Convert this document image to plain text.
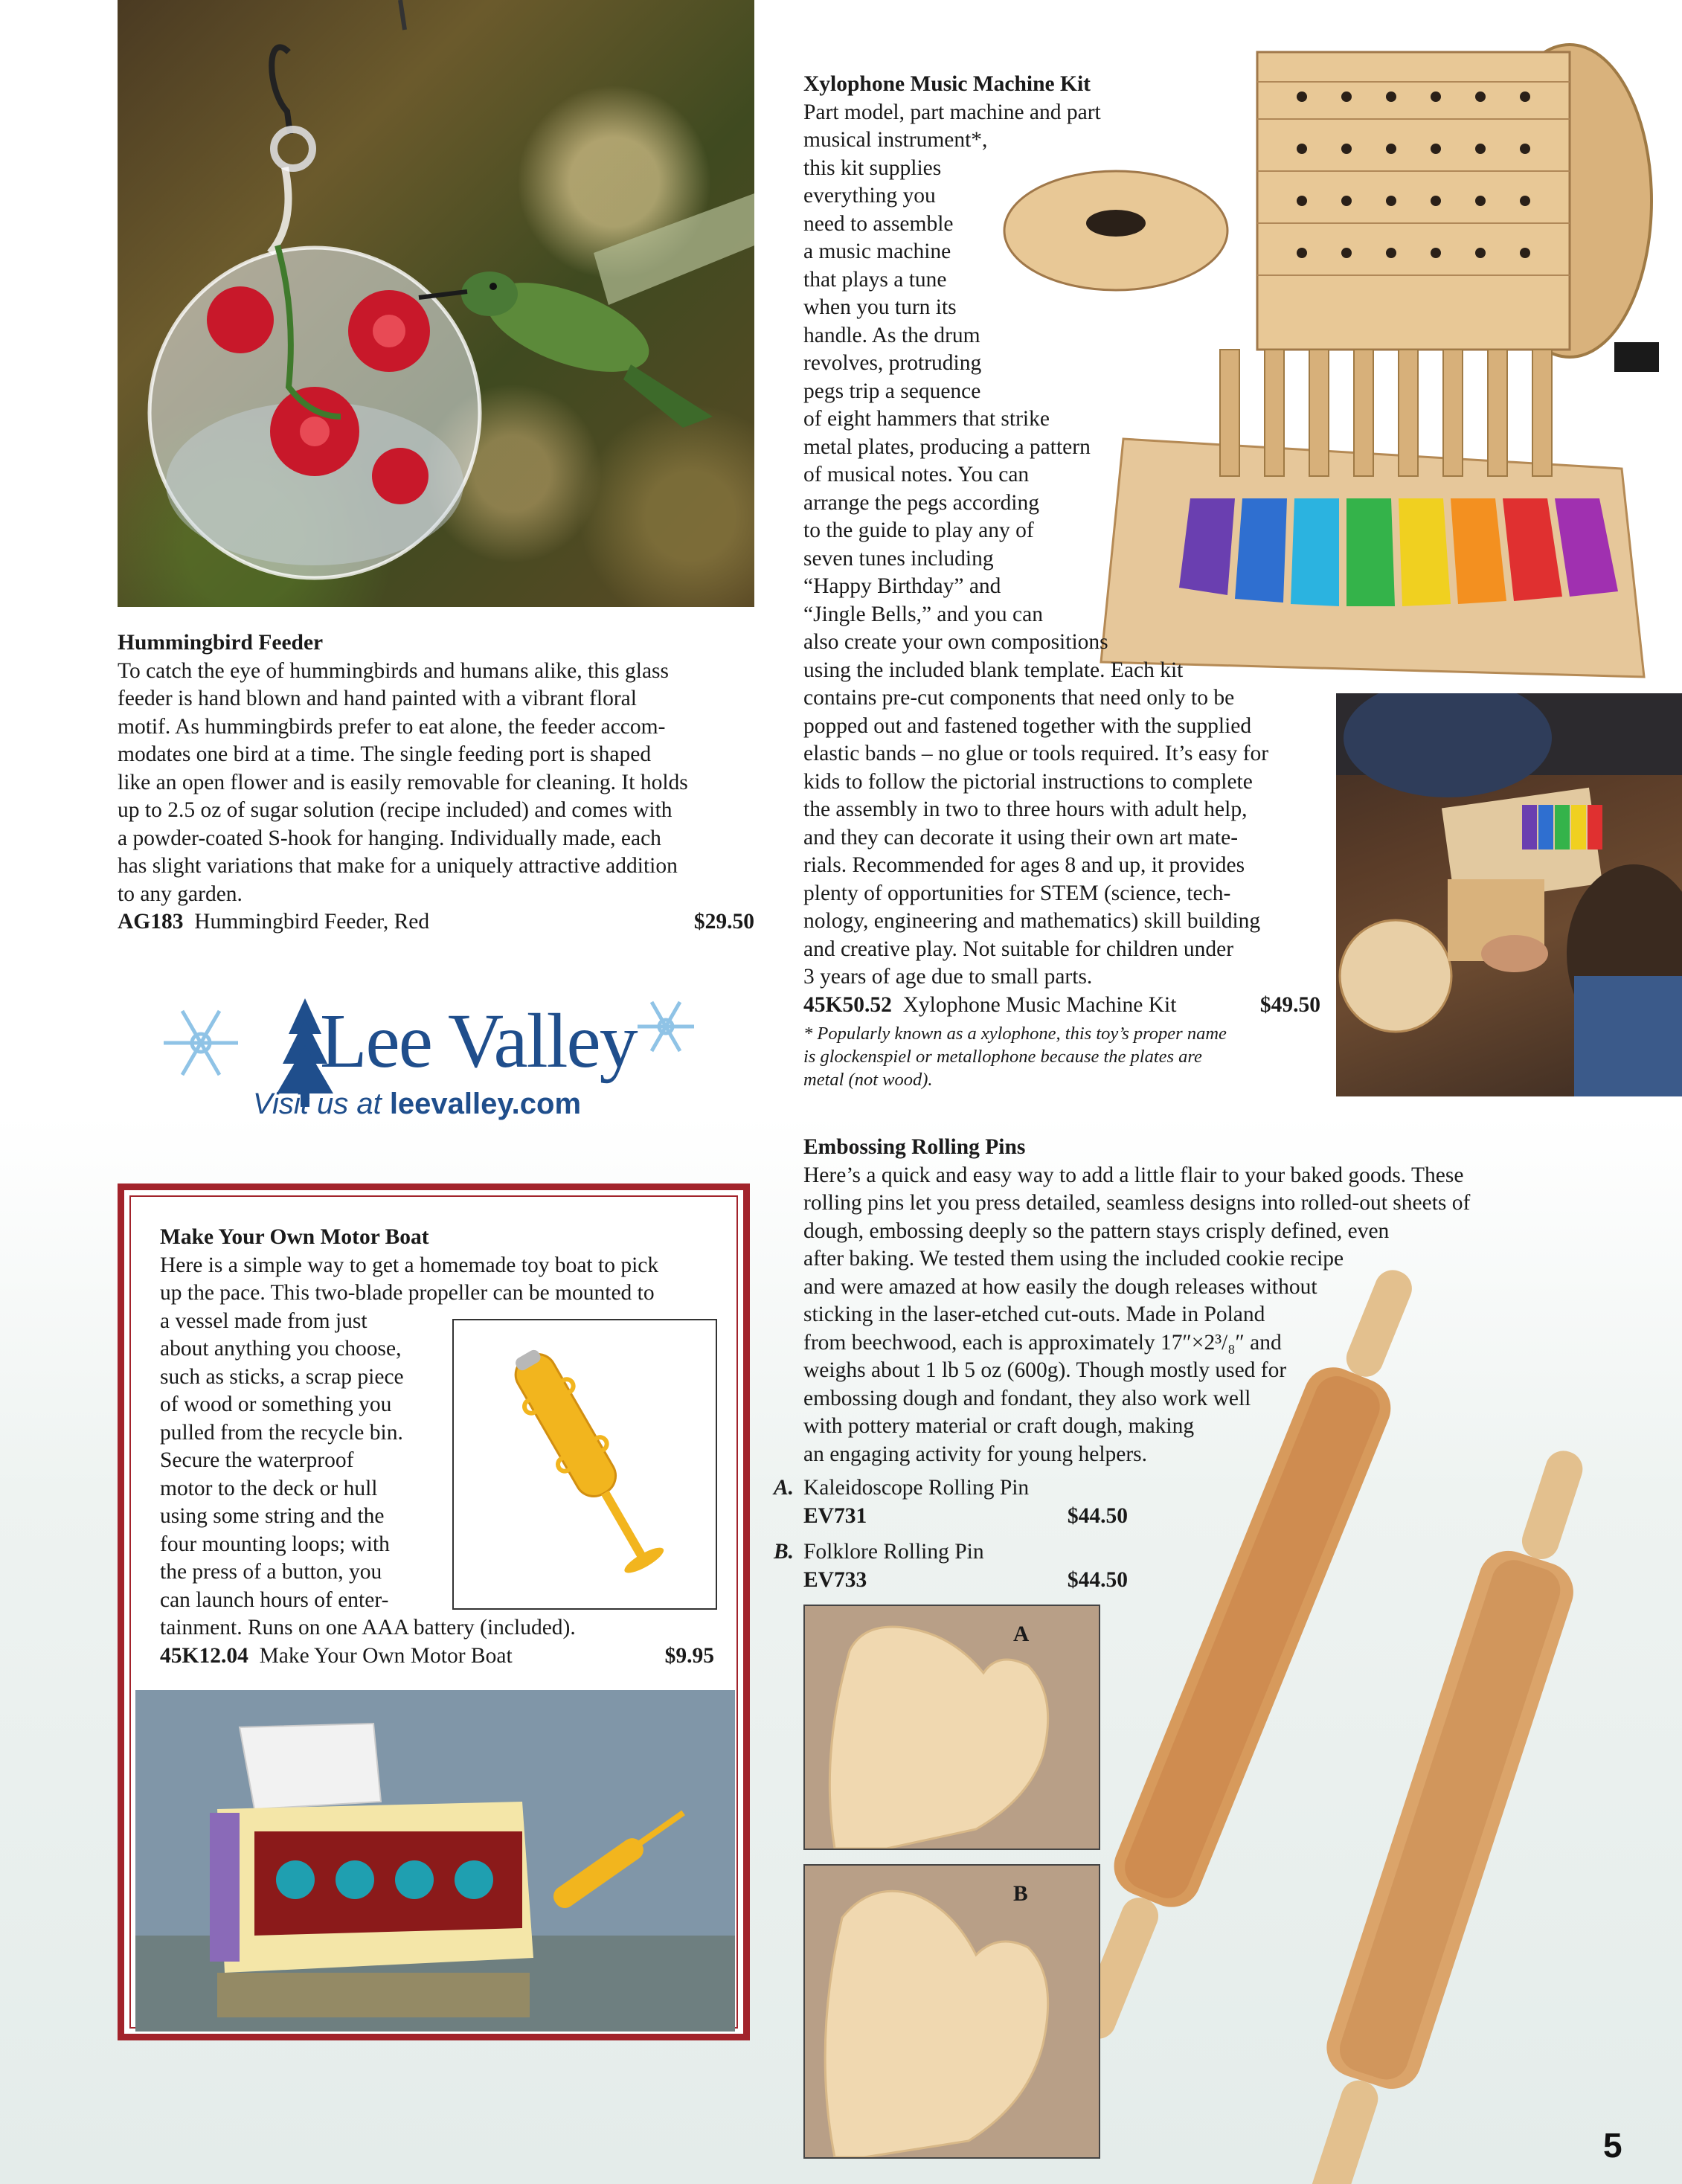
Hummingbird Feeder
To catch the eye of hummingbirds and humans alike, this glass
feeder is hand blown and hand painted with a vibrant floral
motif. As hummingbirds prefer to eat alone, the feeder accom-
modates one bird at a time. The single feeding port is shaped
like an open flower and is easily removable for cleaning. It holds
up to 2.5 oz of sugar solution (recipe included) and comes with
a powder-coated S-hook for hanging. Individually made, each
has slight variations that make for a uniquely attractive addition
to any garden.
AG183 Hummingbird Feeder, Red	$29.50
Lee Valley
Visit us at leevalley.com
Xylophone Music Machine Kit
Part model, part machine and part
musical instrument*,
this kit supplies
everything you
need to assemble
a music machine
that plays a tune
when you turn its
handle. As the drum
revolves, protruding
pegs trip a sequence
of eight hammers that strike
metal plates, producing a pattern
of musical notes. You can
arrange the pegs according
to the guide to play any of
seven tunes including
“Happy Birthday” and
“Jingle Bells,” and you can
also create your own compositions
using the included blank template. Each kit
contains pre-cut components that need only to be
popped out and fastened together with the supplied
elastic bands – no glue or tools required. It’s easy for
kids to follow the pictorial instructions to complete
the assembly in two to three hours with adult help,
and they can decorate it using their own art mate-
rials. Recommended for ages 8 and up, it provides
plenty of opportunities for STEM (science, tech-
nology, engineering and mathematics) skill building
and creative play. Not suitable for children under
3 years of age due to small parts.
45K50.52 Xylophone Music Machine Kit	$49.50
* Popularly known as a xylophone, this toy’s proper name
is glockenspiel or metallophone because the plates are
metal (not wood).
Embossing Rolling Pins
Here’s a quick and easy way to add a little flair to your baked goods. These
rolling pins let you press detailed, seamless designs into rolled-out sheets of
dough, embossing deeply so the pattern stays crisply defined, even
after baking. We tested them using the included cookie recipe
and were amazed at how easily the dough releases without
sticking in the laser-etched cut-outs. Made in Poland
from beechwood, each is approximately 17″×2³/₈″ and
weighs about 1 lb 5 oz (600g). Though mostly used for
embossing dough and fondant, they also work well
with pottery material or craft dough, making
an engaging activity for young helpers.
A. Kaleidoscope Rolling Pin
EV731	$44.50
B. Folklore Rolling Pin
EV733	$44.50
A
B
Make Your Own Motor Boat
Here is a simple way to get a homemade toy boat to pick
up the pace. This two-blade propeller can be mounted to
a vessel made from just
about anything you choose,
such as sticks, a scrap piece
of wood or something you
pulled from the recycle bin.
Secure the waterproof
motor to the deck or hull
using some string and the
four mounting loops; with
the press of a button, you
can launch hours of enter-
tainment. Runs on one AAA battery (included).
45K12.04 Make Your Own Motor Boat	$9.95
5
